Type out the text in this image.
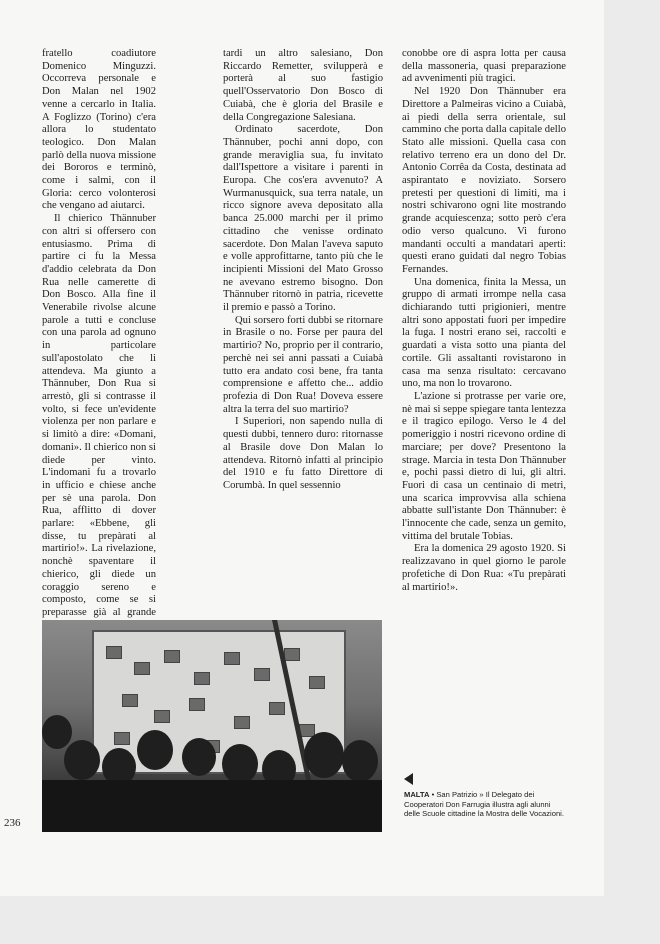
fratello coadiutore Domenico Minguzzi. Occorreva personale e Don Malan nel 1902 venne a cercarlo in Italia. A Foglizzo (Torino) c'era allora lo studentato teologico. Don Malan parlò della nuova missione dei Bororos e terminò, come i salmi, con il Gloria: cerco volonterosi che vengano ad aiutarci.

Il chierico Thännuber con altri si offersero con entusiasmo. Prima di partire ci fu la Messa d'addio celebrata da Don Rua nelle camerette di Don Bosco. Alla fine il Venerabile rivolse alcune parole a tutti e concluse con una parola ad ognuno in particolare sull'apostolato che li attendeva. Ma giunto a Thännuber, Don Rua si arrestò, gli si contrasse il volto, si fece un'evidente violenza per non parlare e si limitò a dire: «Domani, domani». Il chierico non si diede per vinto. L'indomani fu a trovarlo in ufficio e chiese anche per sè una parola. Don Rua, afflitto di dover parlare: «Ebbene, gli disse, tu prepàrati al martirio!». La rivelazione, nonchè spaventare il chierico, gli diede un coraggio sereno e composto, come se si preparasse già al grande

tardi un altro salesiano, Don Riccardo Remetter, svilupperà e porterà al suo fastigio quell'Osservatorio Don Bosco di Cuiabà, che è gloria del Brasile e della Congregazione Salesiana.

Ordinato sacerdote, Don Thännuber, pochi anni dopo, con grande meraviglia sua, fu invitato dall'Ispettore a visitare i parenti in Europa. Che cos'era avvenuto? A Wurmanusquick, sua terra natale, un ricco signore aveva depositato alla banca 25.000 marchi per il primo cittadino che venisse ordinato sacerdote. Don Malan l'aveva saputo e volle approfittarne, tanto più che le incipienti Missioni del Mato Grosso ne avevano estremo bisogno. Don Thännuber ritornò in patria, ricevette il premio e passò a Torino.

Qui sorsero forti dubbi se ritornare in Brasile o no. Forse per paura del martirio? No, proprio per il contrario, perchè nei sei anni passati a Cuiabà tutto era andato così bene, fra tanta comprensione e affetto che... addio profezia di Don Rua! Doveva essere altra la terra del suo martirio?

I Superiori, non sapendo nulla di questi dubbi, tennero duro: ritornasse al Brasile dove Don Malan lo attendeva. Ritornò infatti al principio del 1910 e fu fatto Direttore di Corumbà. In quel sessennio

conobbe ore di aspra lotta per causa della massoneria, quasi preparazione ad avvenimenti più tragici.

Nel 1920 Don Thännuber era Direttore a Palmeiras vicino a Cuiabà, ai piedi della serra orientale, sul cammino che porta dalla capitale dello Stato alle missioni. Quella casa con relativo terreno era un dono del Dr. Antonio Corrêa da Costa, destinata ad aspirantato e noviziato. Sorsero pretesti per questioni di limiti, ma i nostri schivarono ogni lite mostrando grande acquiescenza; sotto però c'era odio verso qualcuno. Vi furono mandanti occulti a mandatari aperti: questi erano guidati dal negro Tobias Fernandes.

Una domenica, finita la Messa, un gruppo di armati irrompe nella casa dichiarando tutti prigionieri, mentre altri sono appostati fuori per impedire la fuga. I nostri erano sei, raccolti e guardati a vista sotto una pianta del cortile. Gli assaltanti rovistarono in casa ma senza risultato: cercavano uno, ma non lo trovarono.

L'azione si protrasse per varie ore, nè mai si seppe spiegare tanta lentezza e il tragico epilogo. Verso le 4 del pomeriggio i nostri ricevono ordine di marciare; per dove? Presentono la strage. Marcia in testa Don Thännuber e, pochi passi dietro di lui, gli altri. Fuori di casa un centinaio di metri, una scarica improvvisa alla schiena abbatte sull'istante Don Thännuber: è l'innocente che cade, senza un gemito, vittima del brutale Tobias.

Era la domenica 29 agosto 1920. Si realizzavano in quel giorno le parole profetiche di Don Rua: «Tu prepàrati al martirio!».

236
MALTA • San Patrizio » Il Delegato dei Cooperatori Don Farrugia illustra agli alunni delle Scuole cittadine la Mostra delle Vocazioni.
